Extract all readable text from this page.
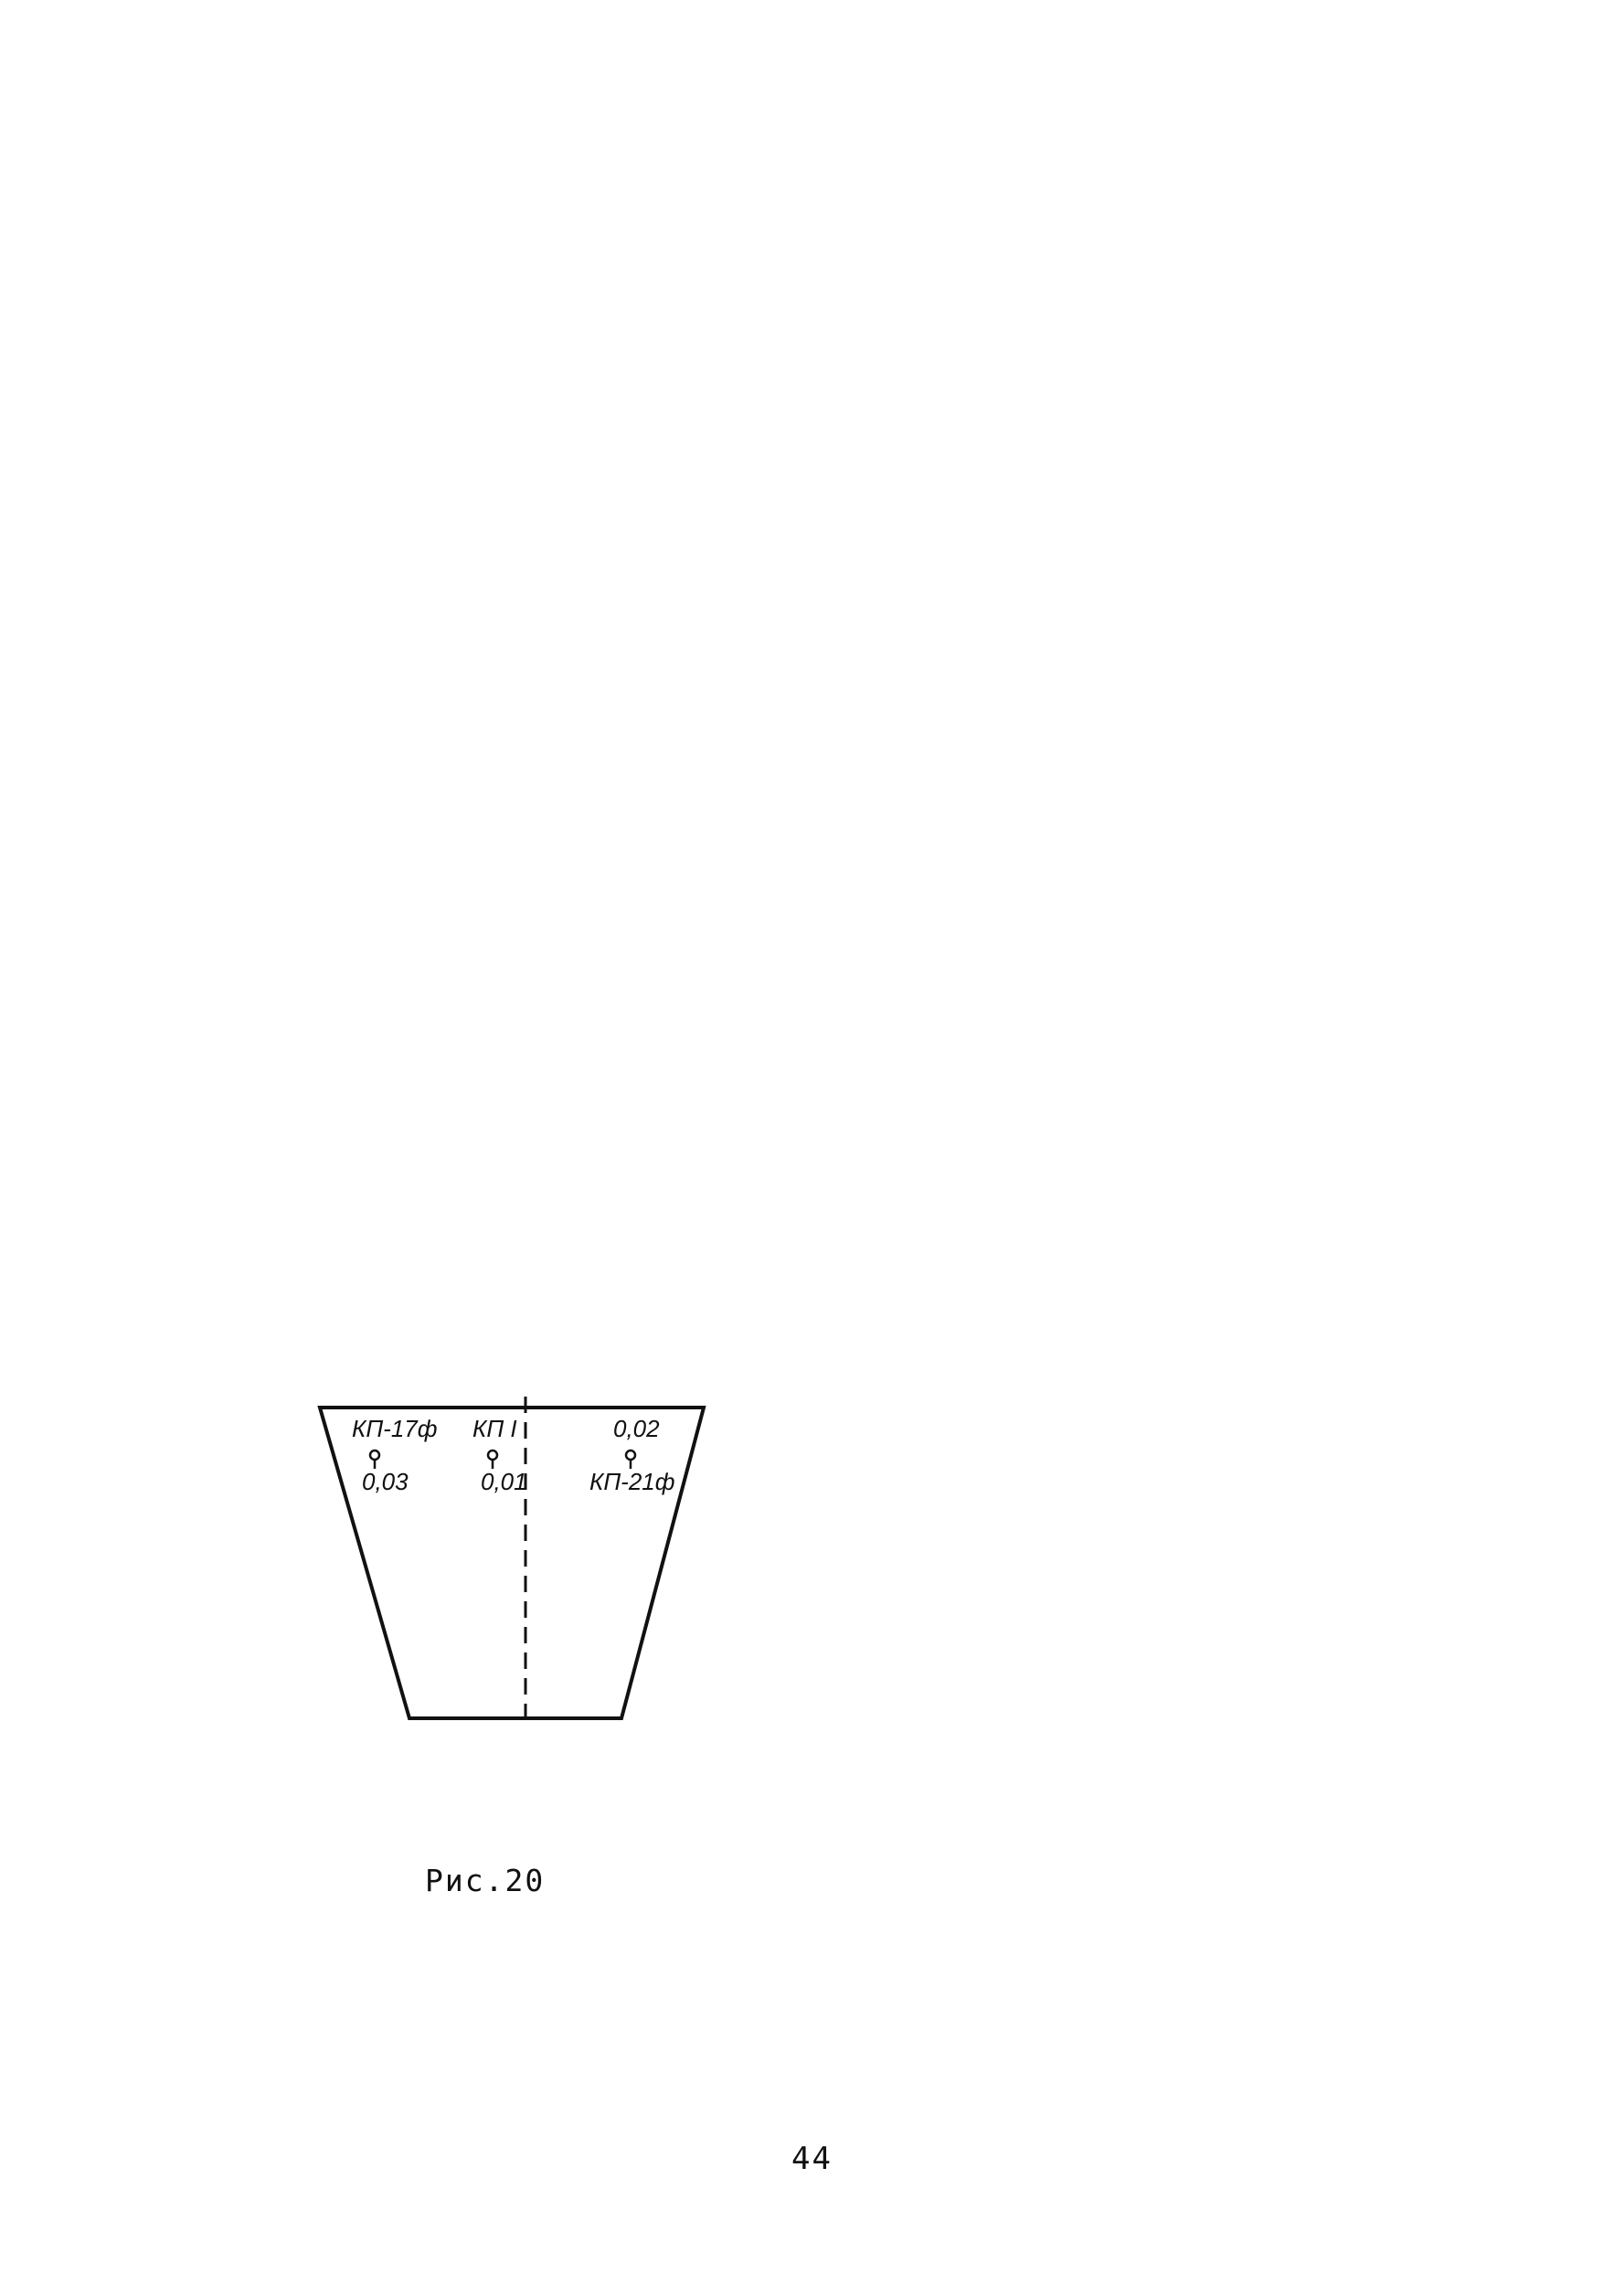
КП-17ф КП I	0,02
0,03	0,01	КП-21ф
Рис.20
44
